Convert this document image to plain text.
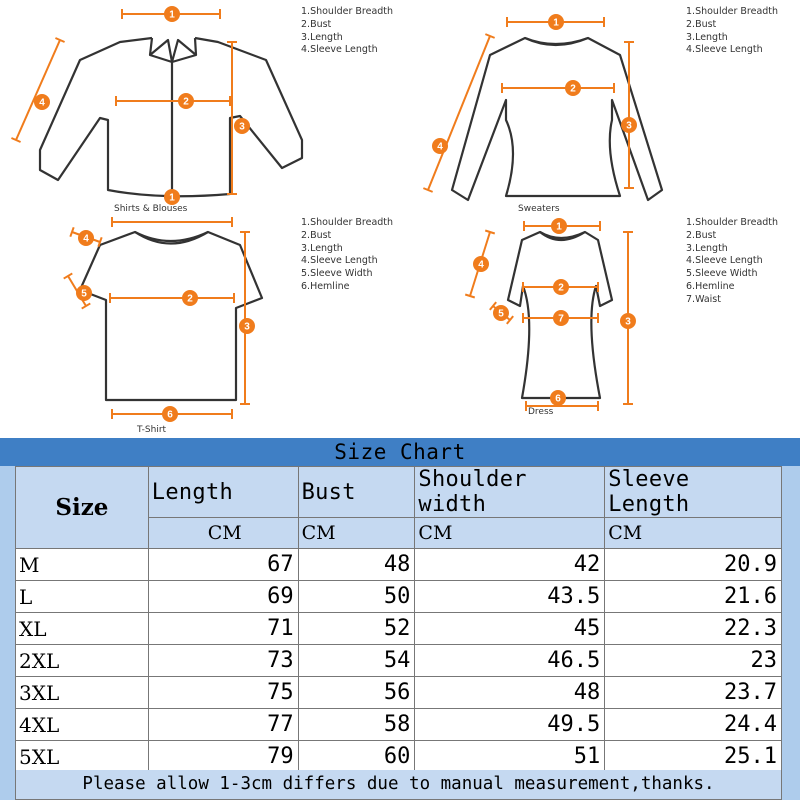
1
2
3
4
1
2
3
4
1
2
3
4
5
6
1
2
3
4
5
6
7
1.Shoulder Breadth
2.Bust
3.Length
4.Sleeve Length
1.Shoulder Breadth
2.Bust
3.Length
4.Sleeve Length
1.Shoulder Breadth
2.Bust
3.Length
4.Sleeve Length
5.Sleeve Width
6.Hemline
1.Shoulder Breadth
2.Bust
3.Length
4.Sleeve Length
5.Sleeve Width
6.Hemline
7.Waist
Shirts & Blouses	Sweaters
T-Shirt
Dress
Size Chart
Size	Length	Bust	Shoulder width	Sleeve Length
	CM	CM	CM	CM
M	67	48	42	20.9
L	69	50	43.5	21.6
XL	71	52	45	22.3
2XL	73	54	46.5	23
3XL	75	56	48	23.7
4XL	77	58	49.5	24.4
5XL	79	60	51	25.1
Please allow 1-3cm differs due to manual measurement,thanks.
